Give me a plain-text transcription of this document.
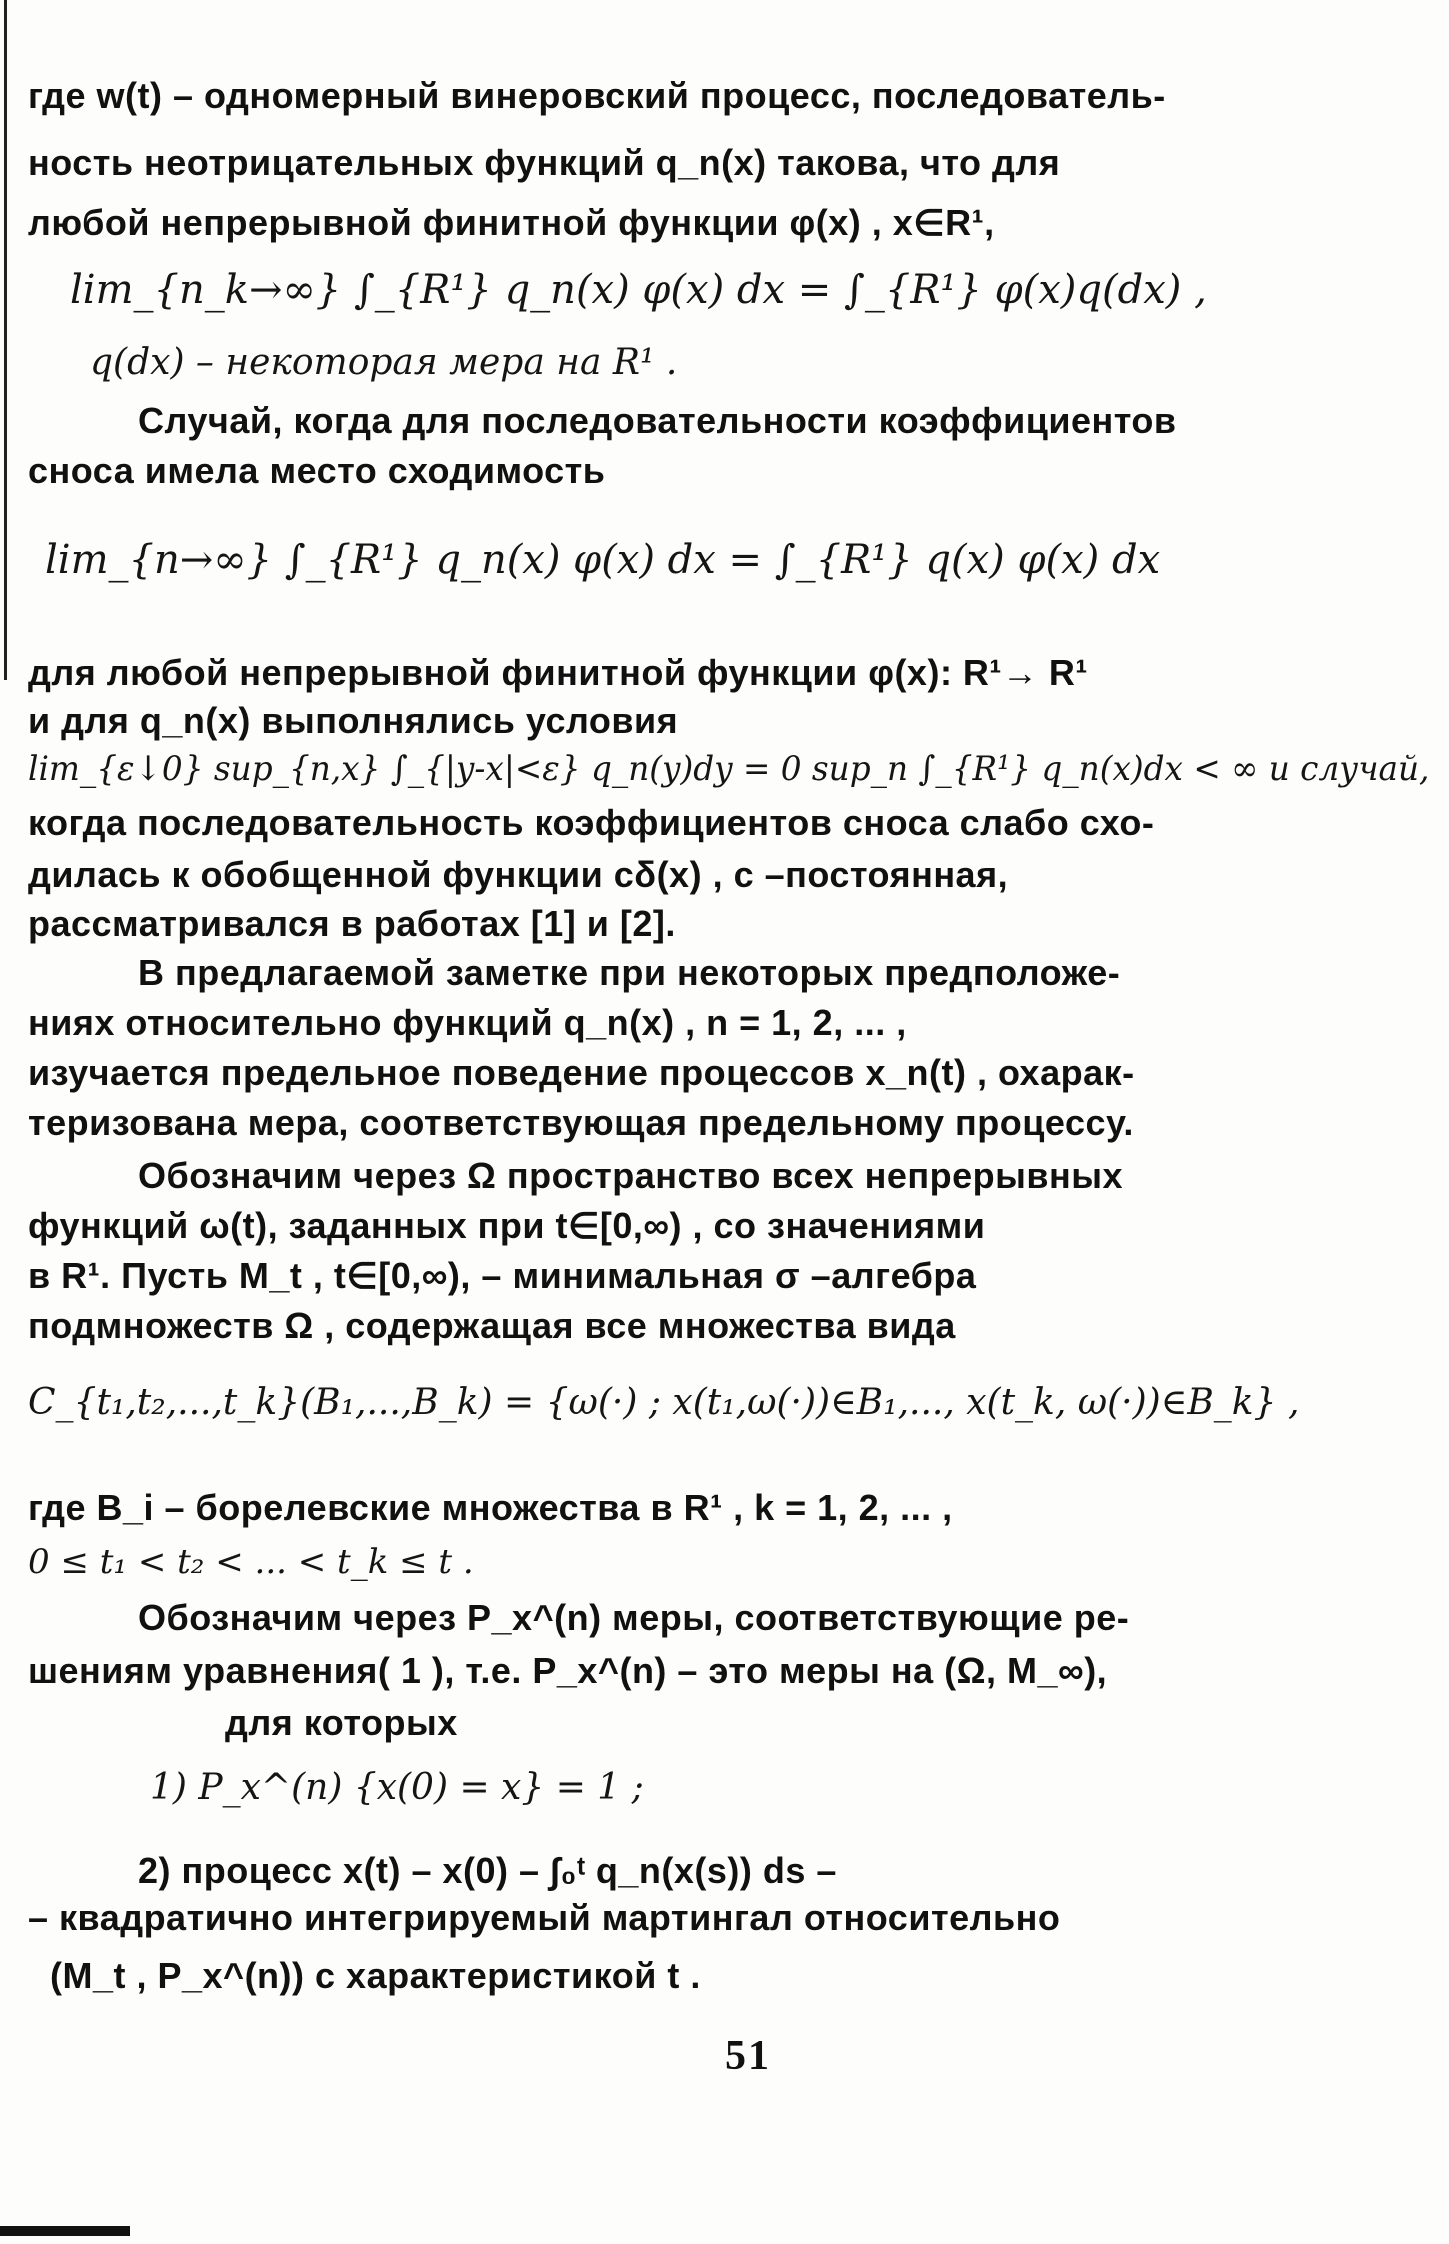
где w(t) – одномерный винеровский процесс, последователь-
ность неотрицательных функций q_n(x) такова, что для
любой непрерывной финитной функции φ(x) , x∈R¹,
lim_{n_k→∞} ∫_{R¹} q_n(x) φ(x) dx = ∫_{R¹} φ(x)q(dx) ,
q(dx) – некоторая мера на R¹ .
Случай, когда для последовательности коэффициентов
сноса имела место сходимость
lim_{n→∞} ∫_{R¹} q_n(x) φ(x) dx = ∫_{R¹} q(x) φ(x) dx
для любой непрерывной финитной функции φ(x): R¹→ R¹
и для q_n(x) выполнялись условия
lim_{ε↓0} sup_{n,x} ∫_{|y-x|<ε} q_n(y)dy = 0 sup_n ∫_{R¹} q_n(x)dx < ∞ и случай,
когда последовательность коэффициентов сноса слабо схо-
дилась к обобщенной функции cδ(x) , c –постоянная,
рассматривался в работах [1] и [2].
В предлагаемой заметке при некоторых предположе-
ниях относительно функций q_n(x) , n = 1, 2, ... ,
изучается предельное поведение процессов x_n(t) , охарак-
теризована мера, соответствующая предельному процессу.
Обозначим через Ω пространство всех непрерывных
функций ω(t), заданных при t∈[0,∞) , со значениями
в R¹. Пусть M_t , t∈[0,∞), – минимальная σ –алгебра
подмножеств Ω , содержащая все множества вида
C_{t₁,t₂,...,t_k}(B₁,...,B_k) = {ω(·) ; x(t₁,ω(·))∈B₁,..., x(t_k, ω(·))∈B_k} ,
где B_i – борелевские множества в R¹ , k = 1, 2, ... ,
0 ≤ t₁ < t₂ < ... < t_k ≤ t .
Обозначим через P_x^(n) меры, соответствующие ре-
шениям уравнения( 1 ), т.е. P_x^(n) – это меры на (Ω, M_∞),
для которых
1) P_x^(n) {x(0) = x} = 1 ;
2) процесс x(t) – x(0) – ∫₀ᵗ q_n(x(s)) ds –
– квадратично интегрируемый мартингал относительно
(M_t , P_x^(n)) с характеристикой t .
51
